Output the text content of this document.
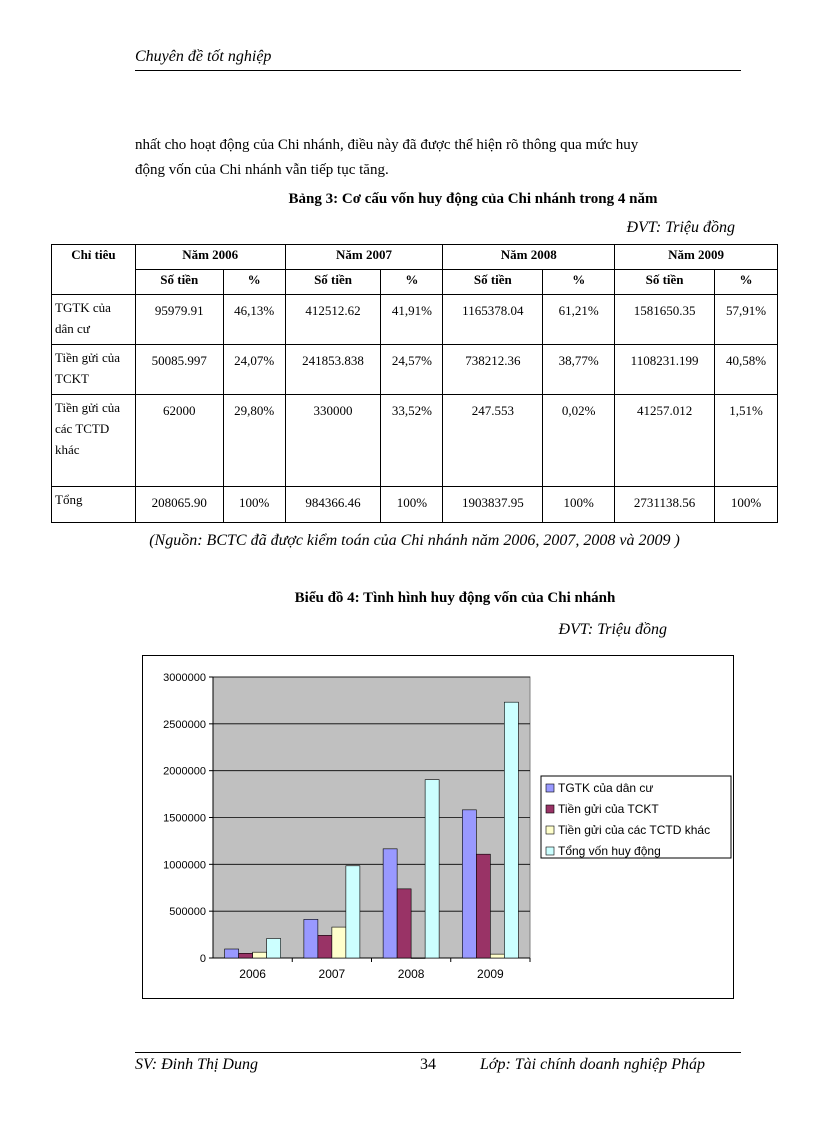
Chuyên đề tốt nghiệp

nhất cho hoạt động của Chi nhánh, điều này đã được thể hiện rõ thông qua mức huy

động vốn của Chi nhánh vẫn tiếp tục tăng.

Bảng 3: Cơ cấu vốn huy động của Chi nhánh trong 4 năm
ĐVT: Triệu đồng
Chỉ tiêu	Năm 2006		Năm 2007		Năm 2008		Năm 2009	
	Số tiền	%	Số tiền	%	Số tiền	%	Số tiền	%
TGTK của dân cư	95979.91	46,13%	412512.62	41,91%	1165378.04	61,21%	1581650.35	57,91%
Tiền gửi của TCKT	50085.997	24,07%	241853.838	24,57%	738212.36	38,77%	1108231.199	40,58%
Tiền gửi của các TCTD khác	62000	29,80%	330000	33,52%	247.553	0,02%	41257.012	1,51%
Tổng	208065.90	100%	984366.46	100%	1903837.95	100%	2731138.56	100%
(Nguồn: BCTC đã được kiểm toán của Chi nhánh năm 2006, 2007, 2008 và 2009 )
Biểu đồ 4: Tình hình huy động vốn của Chi nhánh
ĐVT: Triệu đồng
0
500000
1000000
1500000
2000000
2500000
3000000
2006	2007	2008	2009
TGTK của dân cư
Tiền gửi của TCKT
Tiền gửi của các TCTD khác
Tổng vốn huy động
SV: Đinh Thị Dung	34	Lớp: Tài chính doanh nghiệp Pháp
